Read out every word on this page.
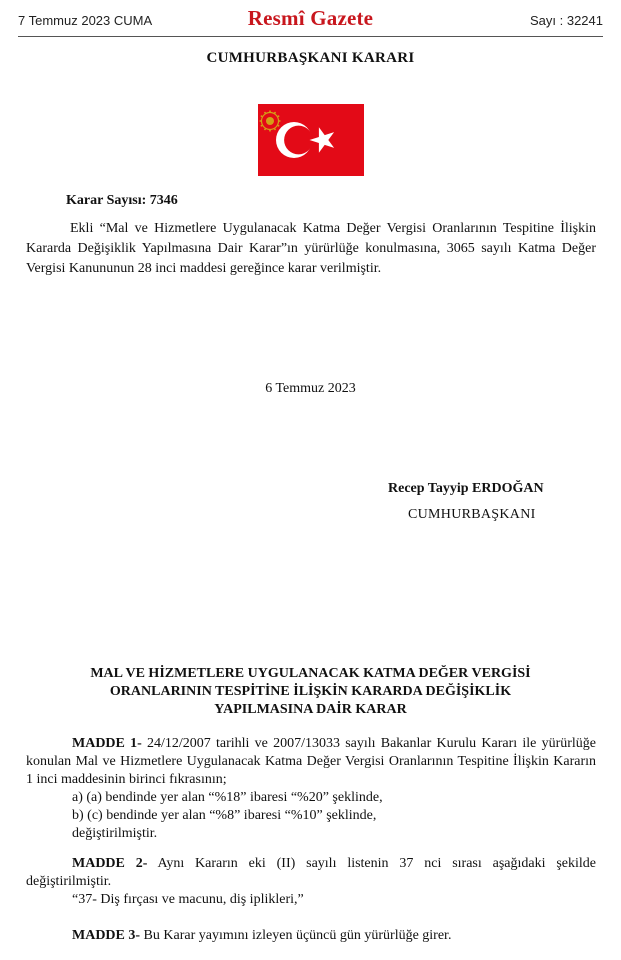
7 Temmuz 2023 CUMA	Resmî Gazete	Sayı : 32241
CUMHURBAŞKANI KARARI
Karar Sayısı: 7346

Ekli “Mal ve Hizmetlere Uygulanacak Katma Değer Vergisi Oranlarının Tespitine İlişkin Kararda Değişiklik Yapılmasına Dair Karar”ın yürürlüğe konulmasına, 3065 sayılı Katma Değer Vergisi Kanununun 28 inci maddesi gereğince karar verilmiştir.

6 Temmuz 2023
Recep Tayyip ERDOĞAN
CUMHURBAŞKANI
MAL VE HİZMETLERE UYGULANACAK KATMA DEĞER VERGİSİ
ORANLARININ TESPİTİNE İLİŞKİN KARARDA DEĞİŞİKLİK
YAPILMASINA DAİR KARAR

MADDE 1- 24/12/2007 tarihli ve 2007/13033 sayılı Bakanlar Kurulu Kararı ile yürürlüğe konulan Mal ve Hizmetlere Uygulanacak Katma Değer Vergisi Oranlarının Tespitine İlişkin Kararın 1 inci maddesinin birinci fıkrasının;

a) (a) bendinde yer alan “%18” ibaresi “%20” şeklinde,

b) (c) bendinde yer alan “%8” ibaresi “%10” şeklinde,

değiştirilmiştir.

MADDE 2- Aynı Kararın eki (II) sayılı listenin 37 nci sırası aşağıdaki şekilde değiştirilmiştir.

“37- Diş fırçası ve macunu, diş iplikleri,”

MADDE 3- Bu Karar yayımını izleyen üçüncü gün yürürlüğe girer.
